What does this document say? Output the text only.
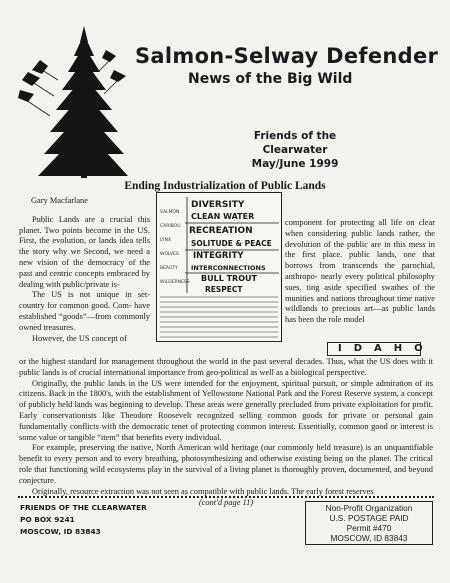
Salmon-Selway Defender
News of the Big Wild
Friends of the Clearwater
May/June 1999
Ending Industrialization of Public Lands

Gary Macfarlane

Public Lands are a crucial this planet. Two points become in the US. First, the evolution, or lands idea tells the story why we Second, we need a new vision of the democracy of the past and centric concepts embraced by dealing with public/private is-

The US is not unique in set- country for common good. Com- have established “goods”—from commonly owned treasures.

However, the US concept of

DIVERSITY
CLEAN WATER
RECREATION
SOLITUDE & PEACE
INTEGRITY
INTERCONNECTIONS
BULL TROUT
RESPECT
SALMON
CARIBOU
LYNX
WOLVES
BEAUTY
WILDERNESS
IDAHO

component for protecting all life on clear when considering public lands rather, the devolution of the public are in this mess in the first place. public lands, one that borrows from transcends the parochial, anthropo- nearly every political philosophy sues. ting aside specified swathes of the munities and nations throughout time native wildlands to precious art—as public lands has been the role model

or the highest standard for management throughout the world in the past several decades. Thus, what the US does with it public lands is of crucial international importance from geo-political as well as a biological perspective.

Originally, the public lands in the US were intended for the enjoyment, spiritual pursuit, or simple admiration of its citizens. Back in the 1800's, with the establishment of Yellowstone National Park and the Forest Reserve system, a concept of publicly held lands was beginning to develop. These areas were generally precluded from private exploitation for profit. Early conservationists like Theodore Roosevelt recognized selling common goods for private or personal gain fundamentally conflicts with the democratic tenet of protecting common interest. Essentially, common good or interest is some value or tangible “item” that benefits every individual.

For example, preserving the native, North American wild heritage (our commonly held treasure) is an unquantifiable benefit to every person and to every breathing, photosynthesizing and otherwise existing being on the planet. The critical role that functioning wild ecosystems play in the survival of a living planet is thoroughly proven, documented, and beyond conjecture.

Originally, resource extraction was not seen as compatible with public lands. The early forest reserves

(cont'd page 11)
FRIENDS OF THE CLEARWATER
PO BOX 9241
MOSCOW, ID 83843
Non-Profit Organization
U.S. POSTAGE PAID
Permit #470
MOSCOW, ID 83843
